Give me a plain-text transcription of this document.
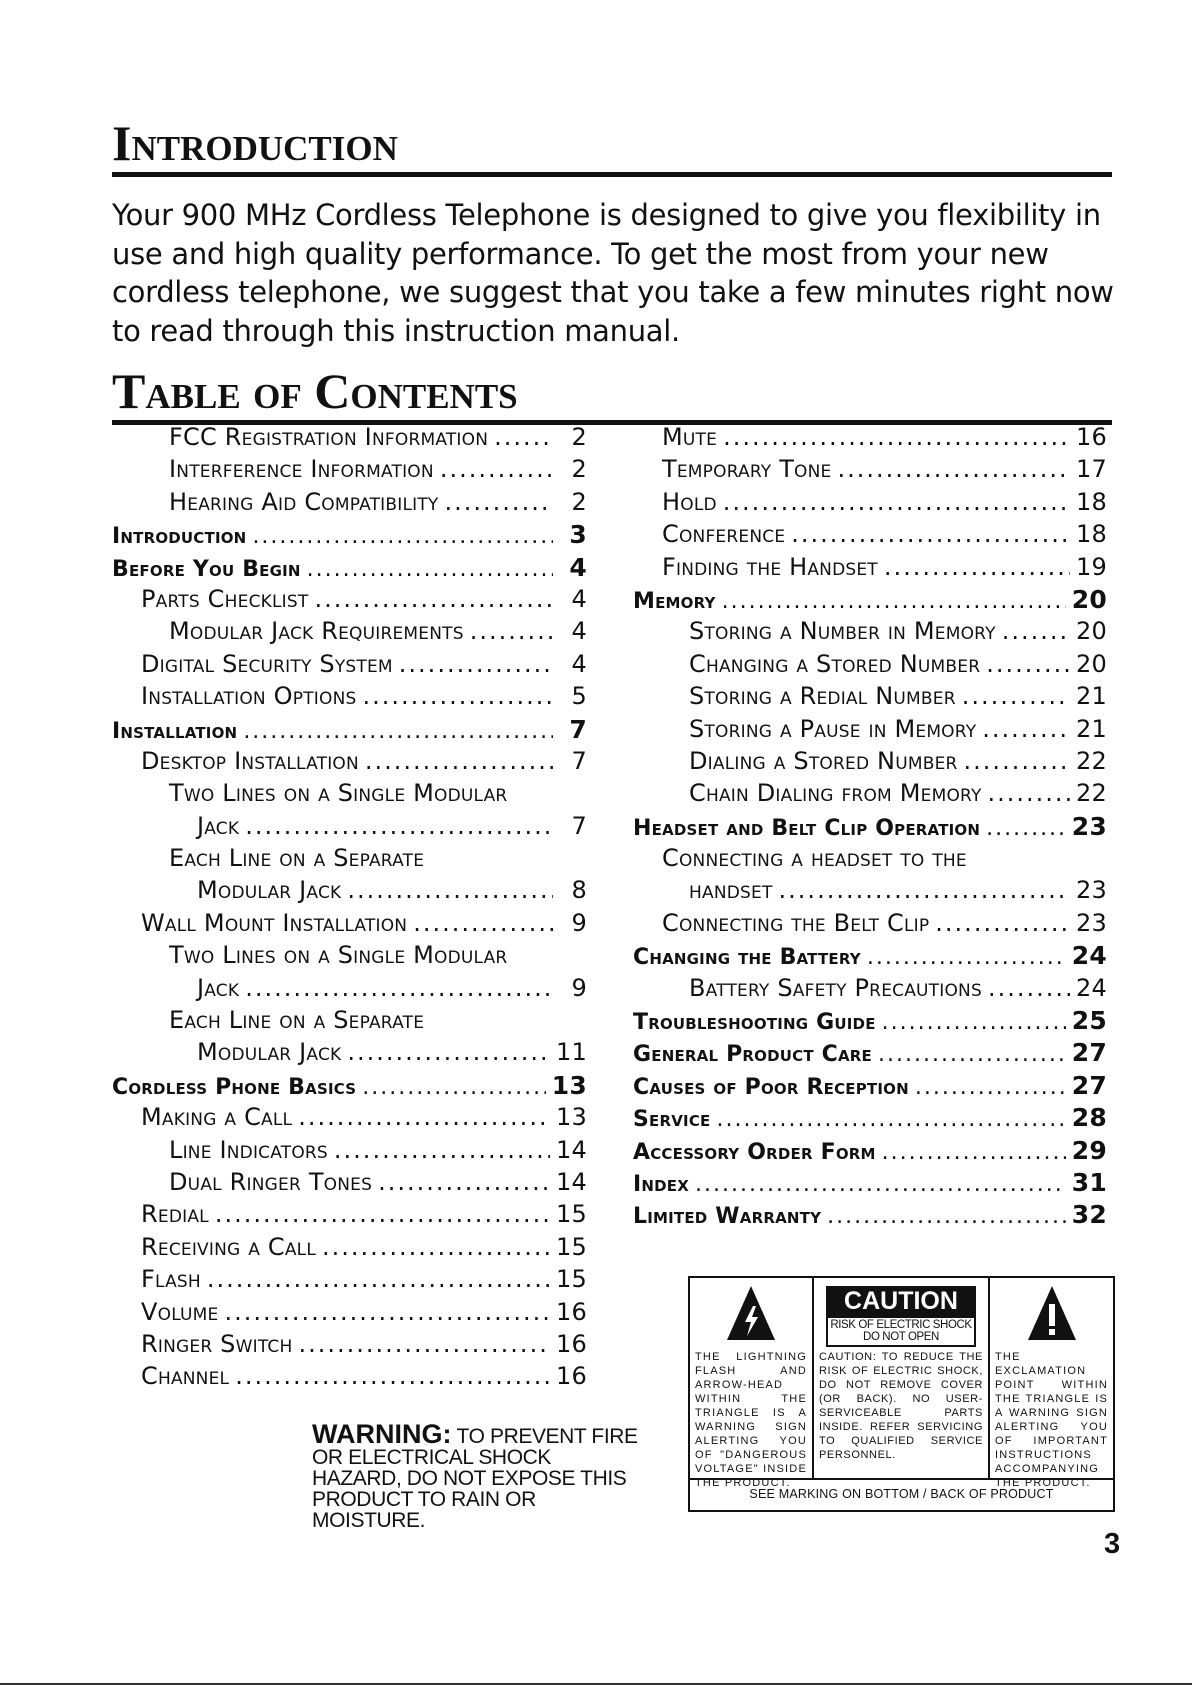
Introduction
Your 900 MHz Cordless Telephone is designed to give you flexibility in use and high quality performance. To get the most from your new cordless telephone, we suggest that you take a few minutes right now to read through this instruction manual.
Table of Contents
FCC Registration Information .....	2
Interference Information .....	2
Hearing Aid Compatibility .....	2
Introduction .....	3
Before You Begin .....	4
Parts Checklist .....	4
Modular Jack Requirements .....	4
Digital Security System .....	4
Installation Options .....	5
Installation .....	7
Desktop Installation .....	7
Two Lines on a Single Modular
Jack .....	7
Each Line on a Separate
Modular Jack .....	8
Wall Mount Installation .....	9
Two Lines on a Single Modular
Jack .....	9
Each Line on a Separate
Modular Jack .....	11
Cordless Phone Basics .....	13
Making a Call .....	13
Line Indicators .....	14
Dual Ringer Tones .....	14
Redial .....	15
Receiving a Call .....	15
Flash .....	15
Volume .....	16
Ringer Switch .....	16
Channel .....	16
Mute .....	16
Temporary Tone .....	17
Hold .....	18
Conference .....	18
Finding the Handset .....	19
Memory .....	20
Storing a Number in Memory .....	20
Changing a Stored Number .....	20
Storing a Redial Number .....	21
Storing a Pause in Memory .....	21
Dialing a Stored Number .....	22
Chain Dialing from Memory .....	22
Headset and Belt Clip Operation .....	23
Connecting a headset to the
handset .....	23
Connecting the Belt Clip .....	23
Changing the Battery .....	24
Battery Safety Precautions .....	24
Troubleshooting Guide .....	25
General Product Care .....	27
Causes of Poor Reception .....	27
Service .....	28
Accessory Order Form .....	29
Index .....	31
Limited Warranty .....	32
WARNING: TO PREVENT FIRE OR ELECTRICAL SHOCK HAZARD, DO NOT EXPOSE THIS PRODUCT TO RAIN OR MOISTURE.
THE LIGHTNING FLASH AND ARROW-HEAD WITHIN THE TRIANGLE IS A WARNING SIGN ALERTING YOU OF "DANGEROUS VOLTAGE" INSIDE THE PRODUCT.
CAUTION
RISK OF ELECTRIC SHOCK DO NOT OPEN
CAUTION: TO REDUCE THE RISK OF ELECTRIC SHOCK, DO NOT REMOVE COVER (OR BACK). NO USER-SERVICEABLE PARTS INSIDE. REFER SERVICING TO QUALIFIED SERVICE PERSONNEL.
THE EXCLAMATION POINT WITHIN THE TRIANGLE IS A WARNING SIGN ALERTING YOU OF IMPORTANT INSTRUCTIONS ACCOMPANYING THE PRODUCT.
SEE MARKING ON BOTTOM / BACK OF PRODUCT
3
